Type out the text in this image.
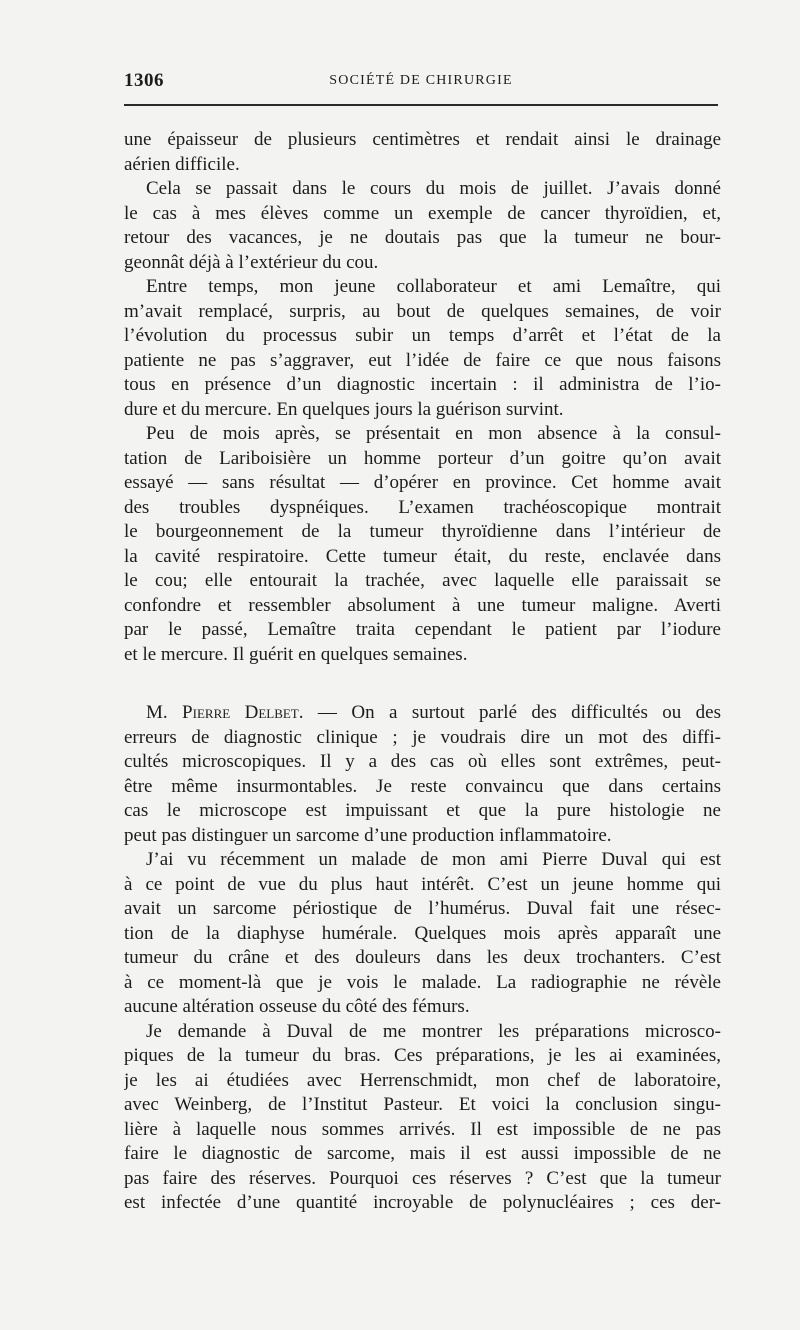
1306	SOCIÉTÉ DE CHIRURGIE

une épaisseur de plusieurs centimètres et rendait ainsi le drainage
aérien difficile.

Cela se passait dans le cours du mois de juillet. J’avais donné
le cas à mes élèves comme un exemple de cancer thyroïdien, et,
retour des vacances, je ne doutais pas que la tumeur ne bour-
geonnât déjà à l’extérieur du cou.

Entre temps, mon jeune collaborateur et ami Lemaître, qui
m’avait remplacé, surpris, au bout de quelques semaines, de voir
l’évolution du processus subir un temps d’arrêt et l’état de la
patiente ne pas s’aggraver, eut l’idée de faire ce que nous faisons
tous en présence d’un diagnostic incertain : il administra de l’io-
dure et du mercure. En quelques jours la guérison survint.

Peu de mois après, se présentait en mon absence à la consul-
tation de Lariboisière un homme porteur d’un goitre qu’on avait
essayé — sans résultat — d’opérer en province. Cet homme avait
des troubles dyspnéiques. L’examen trachéoscopique montrait
le bourgeonnement de la tumeur thyroïdienne dans l’intérieur de
la cavité respiratoire. Cette tumeur était, du reste, enclavée dans
le cou; elle entourait la trachée, avec laquelle elle paraissait se
confondre et ressembler absolument à une tumeur maligne. Averti
par le passé, Lemaître traita cependant le patient par l’iodure
et le mercure. Il guérit en quelques semaines.

M. Pierre Delbet. — On a surtout parlé des difficultés ou des
erreurs de diagnostic clinique ; je voudrais dire un mot des diffi-
cultés microscopiques. Il y a des cas où elles sont extrêmes, peut-
être même insurmontables. Je reste convaincu que dans certains
cas le microscope est impuissant et que la pure histologie ne
peut pas distinguer un sarcome d’une production inflammatoire.

J’ai vu récemment un malade de mon ami Pierre Duval qui est
à ce point de vue du plus haut intérêt. C’est un jeune homme qui
avait un sarcome périostique de l’humérus. Duval fait une résec-
tion de la diaphyse humérale. Quelques mois après apparaît une
tumeur du crâne et des douleurs dans les deux trochanters. C’est
à ce moment-là que je vois le malade. La radiographie ne révèle
aucune altération osseuse du côté des fémurs.

Je demande à Duval de me montrer les préparations microsco-
piques de la tumeur du bras. Ces préparations, je les ai examinées,
je les ai étudiées avec Herrenschmidt, mon chef de laboratoire,
avec Weinberg, de l’Institut Pasteur. Et voici la conclusion singu-
lière à laquelle nous sommes arrivés. Il est impossible de ne pas
faire le diagnostic de sarcome, mais il est aussi impossible de ne
pas faire des réserves. Pourquoi ces réserves ? C’est que la tumeur
est infectée d’une quantité incroyable de polynucléaires ; ces der-
